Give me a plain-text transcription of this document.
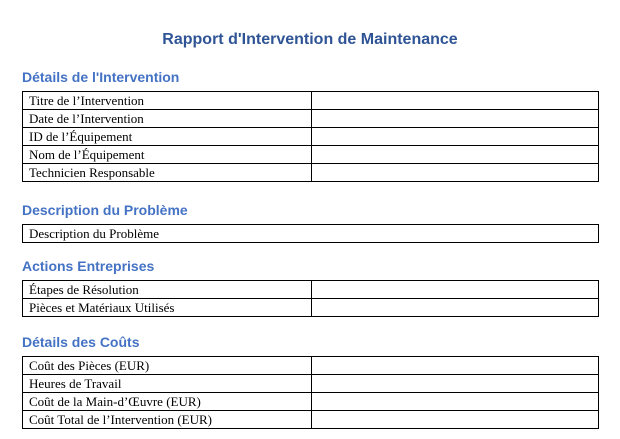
Rapport d'Intervention de Maintenance
Détails de l'Intervention
Titre de l’Intervention	
Date de l’Intervention	
ID de l’Équipement	
Nom de l’Équipement	
Technicien Responsable	
Description du Problème
Description du Problème
Actions Entreprises
Étapes de Résolution	
Pièces et Matériaux Utilisés	
Détails des Coûts
Coût des Pièces (EUR)	
Heures de Travail	
Coût de la Main-d’Œuvre (EUR)	
Coût Total de l’Intervention (EUR)	
